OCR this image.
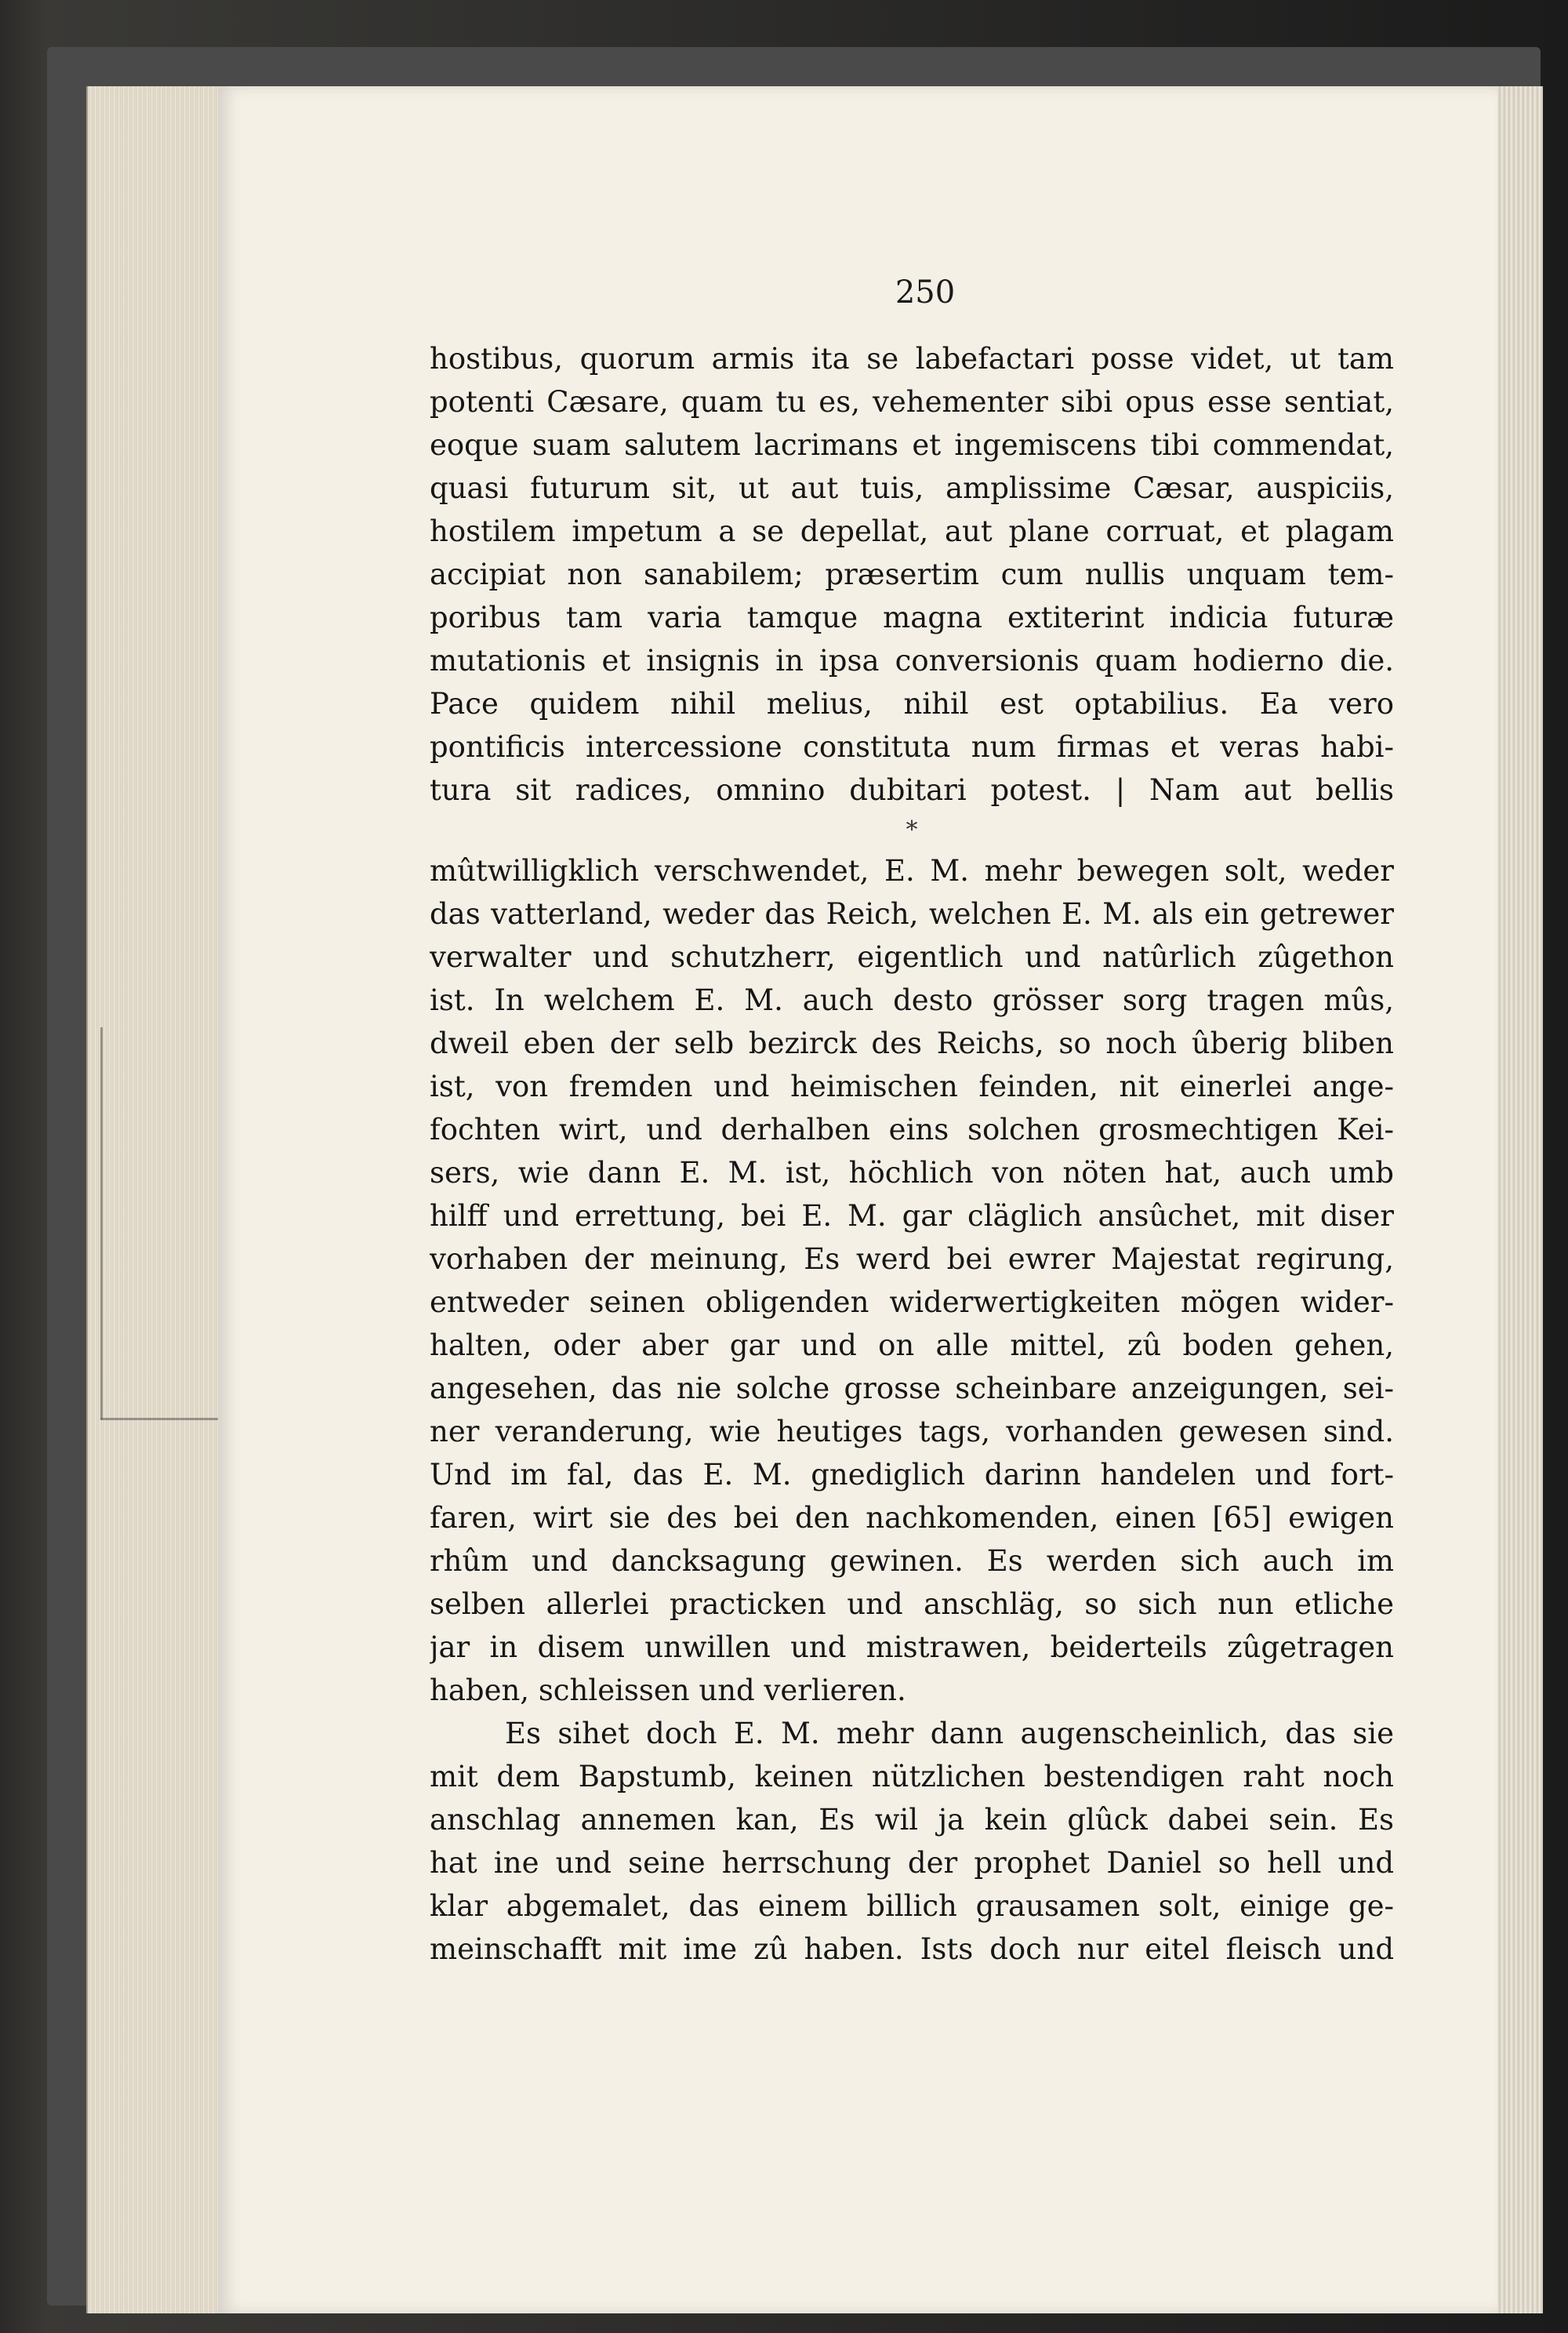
250
hostibus, quorum armis ita se labefactari posse videt, ut tam
potenti Cæsare, quam tu es, vehementer sibi opus esse sentiat,
eoque suam salutem lacrimans et ingemiscens tibi commendat,
quasi futurum sit, ut aut tuis, amplissime Cæsar, auspiciis,
hostilem impetum a se depellat, aut plane corruat, et plagam
accipiat non sanabilem; præsertim cum nullis unquam tem-
poribus tam varia tamque magna extiterint indicia futuræ
mutationis et insignis in ipsa conversionis quam hodierno die.
Pace quidem nihil melius, nihil est optabilius. Ea vero
pontificis intercessione constituta num firmas et veras habi-
tura sit radices, omnino dubitari potest. | Nam aut bellis
*
mûtwilligklich verschwendet, E. M. mehr bewegen solt, weder
das vatterland, weder das Reich, welchen E. M. als ein getrewer
verwalter und schutzherr, eigentlich und natûrlich zûgethon
ist. In welchem E. M. auch desto grösser sorg tragen mûs,
dweil eben der selb bezirck des Reichs, so noch ûberig bliben
ist, von fremden und heimischen feinden, nit einerlei ange-
fochten wirt, und derhalben eins solchen grosmechtigen Kei-
sers, wie dann E. M. ist, höchlich von nöten hat, auch umb
hilff und errettung, bei E. M. gar cläglich ansûchet, mit diser
vorhaben der meinung, Es werd bei ewrer Majestat regirung,
entweder seinen obligenden widerwertigkeiten mögen wider-
halten, oder aber gar und on alle mittel, zû boden gehen,
angesehen, das nie solche grosse scheinbare anzeigungen, sei-
ner veranderung, wie heutiges tags, vorhanden gewesen sind.
Und im fal, das E. M. gnediglich darinn handelen und fort-
faren, wirt sie des bei den nachkomenden, einen [65] ewigen
rhûm und dancksagung gewinen. Es werden sich auch im
selben allerlei practicken und anschläg, so sich nun etliche
jar in disem unwillen und mistrawen, beiderteils zûgetragen
haben, schleissen und verlieren.
Es sihet doch E. M. mehr dann augenscheinlich, das sie
mit dem Bapstumb, keinen nützlichen bestendigen raht noch
anschlag annemen kan, Es wil ja kein glûck dabei sein. Es
hat ine und seine herrschung der prophet Daniel so hell und
klar abgemalet, das einem billich grausamen solt, einige ge-
meinschafft mit ime zû haben. Ists doch nur eitel fleisch und
